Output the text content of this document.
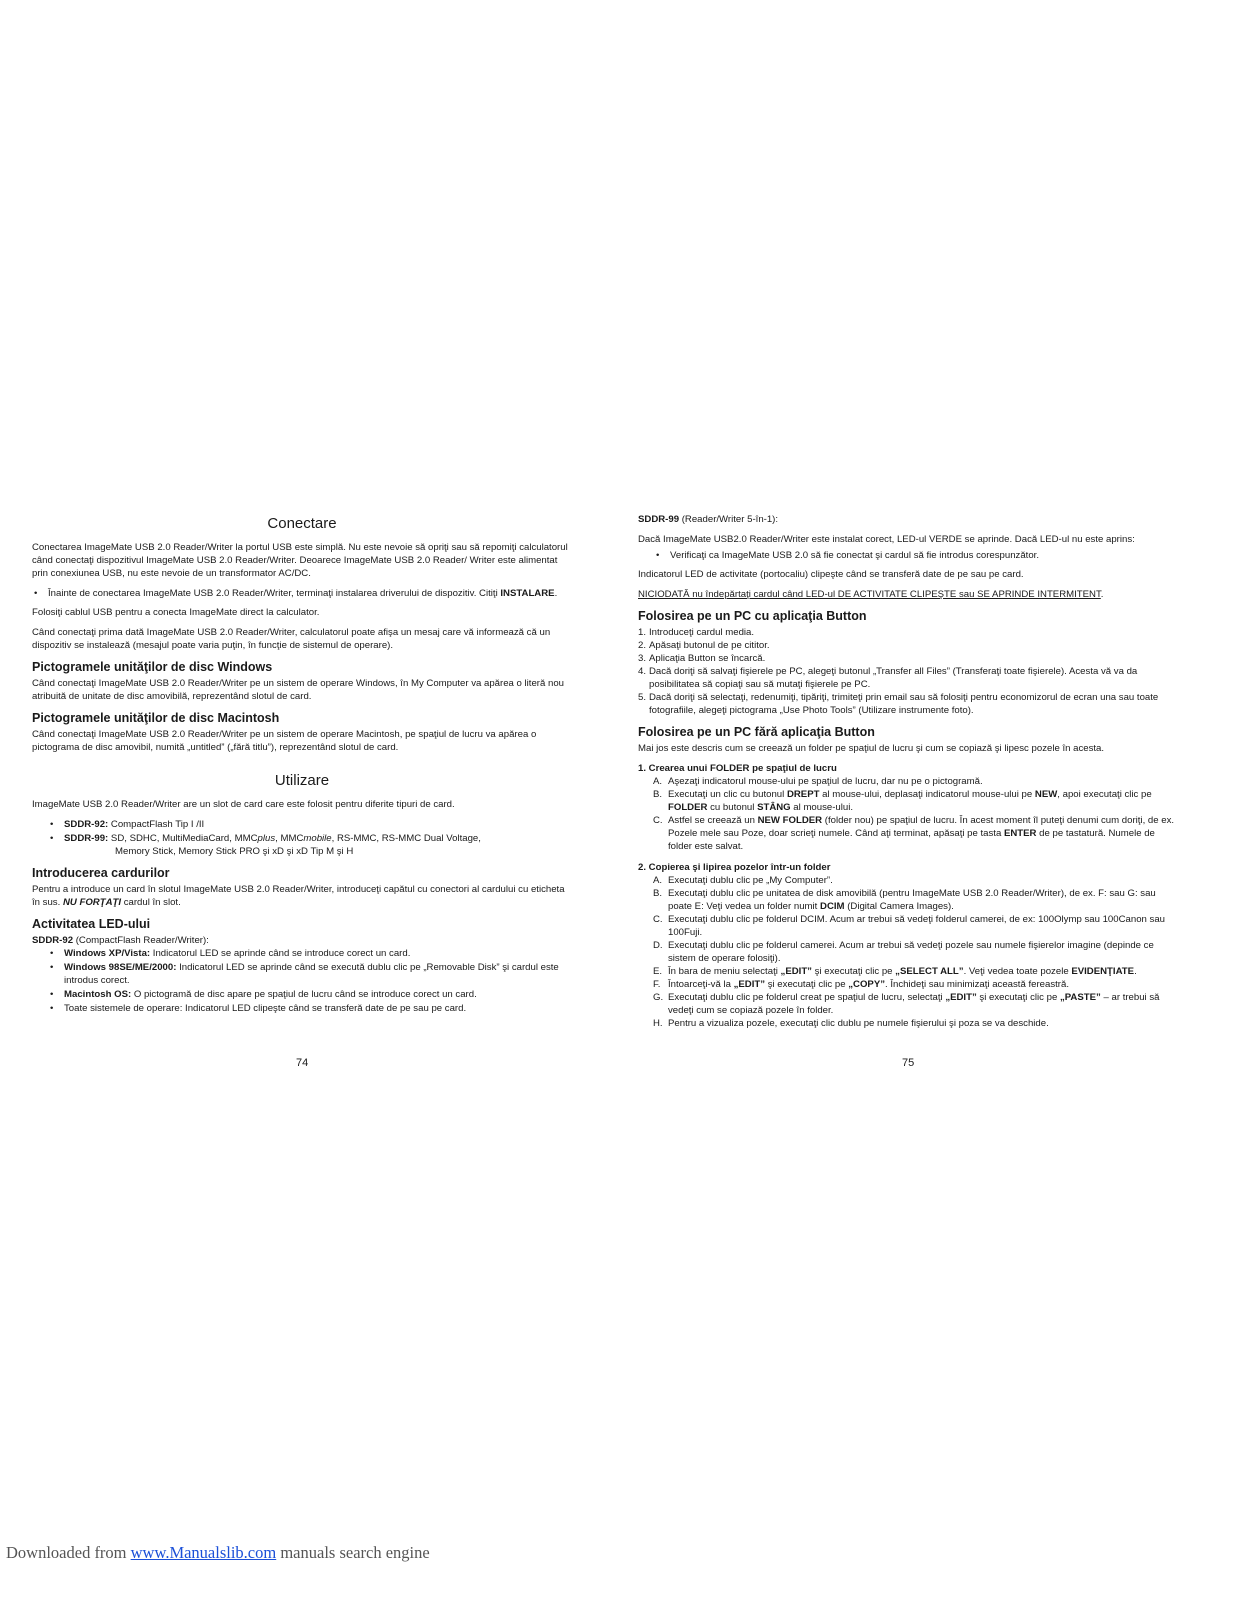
Conectare

Conectarea ImageMate USB 2.0 Reader/Writer la portul USB este simplă. Nu este nevoie să opriţi sau să repomiţi calculatorul când conectaţi dispozitivul ImageMate USB 2.0 Reader/Writer. Deoarece ImageMate USB 2.0 Reader/ Writer este alimentat prin conexiunea USB, nu este nevoie de un transformator AC/DC.

• Înainte de conectarea ImageMate USB 2.0 Reader/Writer, terminaţi instalarea driverului de dispozitiv. Citiţi INSTALARE.

Folosiţi cablul USB pentru a conecta ImageMate direct la calculator.

Când conectaţi prima dată ImageMate USB 2.0 Reader/Writer, calculatorul poate afişa un mesaj care vă informează că un dispozitiv se instalează (mesajul poate varia puţin, în funcţie de sistemul de operare).

Pictogramele unităţilor de disc Windows

Când conectaţi ImageMate USB 2.0 Reader/Writer pe un sistem de operare Windows, în My Computer va apărea o literă nou atribuită de unitate de disc amovibilă, reprezentând slotul de card.

Pictogramele unităţilor de disc Macintosh

Când conectaţi ImageMate USB 2.0 Reader/Writer pe un sistem de operare Macintosh, pe spaţiul de lucru va apărea o pictograma de disc amovibil, numită „untitled” („fără titlu”), reprezentând slotul de card.

Utilizare

ImageMate USB 2.0 Reader/Writer are un slot de card care este folosit pentru diferite tipuri de card.

• SDDR-92: CompactFlash Tip I /II
• SDDR-99: SD, SDHC, MultiMediaCard, MMCplus, MMCmobile, RS-MMC, RS-MMC Dual Voltage,
Memory Stick, Memory Stick PRO şi xD şi xD Tip M şi H
Introducerea cardurilor

Pentru a introduce un card în slotul ImageMate USB 2.0 Reader/Writer, introduceţi capătul cu conectori al cardului cu eticheta în sus. NU FORŢAŢI cardul în slot.

Activitatea LED-ului
SDDR-92 (CompactFlash Reader/Writer):
• Windows XP/Vista: Indicatorul LED se aprinde când se introduce corect un card.
• Windows 98SE/ME/2000: Indicatorul LED se aprinde când se execută dublu clic pe „Removable Disk” şi cardul este introdus corect.
• Macintosh OS: O pictogramă de disc apare pe spaţiul de lucru când se introduce corect un card.
• Toate sistemele de operare: Indicatorul LED clipeşte când se transferă date de pe sau pe card.
74

SDDR-99 (Reader/Writer 5-în-1):

Dacă ImageMate USB2.0 Reader/Writer este instalat corect, LED-ul VERDE se aprinde. Dacă LED-ul nu este aprins:

• Verificaţi ca ImageMate USB 2.0 să fie conectat şi cardul să fie introdus corespunzător.

Indicatorul LED de activitate (portocaliu) clipeşte când se transferă date de pe sau pe card.

NICIODATĂ nu îndepărtaţi cardul când LED-ul DE ACTIVITATE CLIPEŞTE sau SE APRINDE INTERMITENT.

Folosirea pe un PC cu aplicaţia Button
1. Introduceţi cardul media.
2. Apăsaţi butonul de pe cititor.
3. Aplicaţia Button se încarcă.
4. Dacă doriţi să salvaţi fişierele pe PC, alegeţi butonul „Transfer all Files” (Transferaţi toate fişierele). Acesta vă va da posibilitatea să copiaţi sau să mutaţi fişierele pe PC.
5. Dacă doriţi să selectaţi, redenumiţi, tipăriţi, trimiteţi prin email sau să folosiţi pentru economizorul de ecran una sau toate fotografiile, alegeţi pictograma „Use Photo Tools” (Utilizare instrumente foto).
Folosirea pe un PC fără aplicaţia Button

Mai jos este descris cum se creează un folder pe spaţiul de lucru şi cum se copiază şi lipesc pozele în acesta.

1. Crearea unui FOLDER pe spaţiul de lucru
A. Aşezaţi indicatorul mouse-ului pe spaţiul de lucru, dar nu pe o pictogramă.
B. Executaţi un clic cu butonul DREPT al mouse-ului, deplasaţi indicatorul mouse-ului pe NEW, apoi executaţi clic pe FOLDER cu butonul STÂNG al mouse-ului.
C. Astfel se creează un NEW FOLDER (folder nou) pe spaţiul de lucru. În acest moment îl puteţi denumi cum doriţi, de ex. Pozele mele sau Poze, doar scrieţi numele. Când aţi terminat, apăsaţi pe tasta ENTER de pe tastatură. Numele de folder este salvat.
2. Copierea şi lipirea pozelor într-un folder
A. Executaţi dublu clic pe „My Computer”.
B. Executaţi dublu clic pe unitatea de disk amovibilă (pentru ImageMate USB 2.0 Reader/Writer), de ex. F: sau G: sau poate E: Veţi vedea un folder numit DCIM (Digital Camera Images).
C. Executaţi dublu clic pe folderul DCIM. Acum ar trebui să vedeţi folderul camerei, de ex: 100Olymp sau 100Canon sau 100Fuji.
D. Executaţi dublu clic pe folderul camerei. Acum ar trebui să vedeţi pozele sau numele fişierelor imagine (depinde ce sistem de operare folosiţi).
E. În bara de meniu selectaţi „EDIT” şi executaţi clic pe „SELECT ALL”. Veţi vedea toate pozele EVIDENŢIATE.
F. Întoarceţi-vă la „EDIT” şi executaţi clic pe „COPY”. Închideţi sau minimizaţi această fereastră.
G. Executaţi dublu clic pe folderul creat pe spaţiul de lucru, selectaţi „EDIT” şi executaţi clic pe „PASTE” – ar trebui să vedeţi cum se copiază pozele în folder.
H. Pentru a vizualiza pozele, executaţi clic dublu pe numele fişierului şi poza se va deschide.
75
Downloaded from www.Manualslib.com manuals search engine
